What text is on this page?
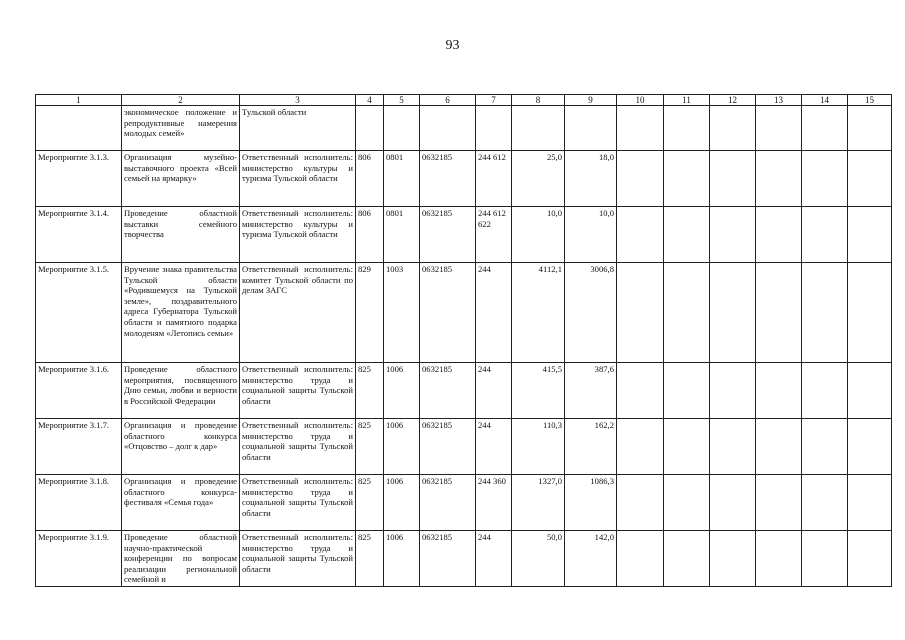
93
1	2	3	4	5	6	7	8	9	10	11	12	13	14	15
	экономическое положение и репродуктивные намерения молодых семей»	Тульской области												
Мероприятие 3.1.3.	Организация музейно-выставочного проекта «Всей семьей на ярмарку»	Ответственный исполнитель: министерство культуры и туризма Тульской области	806	0801	0632185	244 612	25,0	18,0						
Мероприятие 3.1.4.	Проведение областной выставки семейного творчества	Ответственный исполнитель: министерство культуры и туризма Тульской области	806	0801	0632185	244 612 622	10,0	10,0						
Мероприятие 3.1.5.	Вручение знака правительства Тульской области «Родившемуся на Тульской земле», поздравительного адреса Губернатора Тульской области и памятного подарка молоденям «Летопись семьи»	Ответственный исполнитель: комитет Тульской области по делам ЗАГС	829	1003	0632185	244	4112,1	3006,8						
Мероприятие 3.1.6.	Проведение областного мероприятия, посвященного Дню семьи, любви и верности в Российской Федерации	Ответственный исполнитель: министерство труда и социальной защиты Тульской области	825	1006	0632185	244	415,5	387,6						
Мероприятие 3.1.7.	Организация и проведение областного конкурса «Отцовство – долг к дар»	Ответственный исполнитель: министерство труда и социальной защиты Тульской области	825	1006	0632185	244	110,3	162,2						
Мероприятие 3.1.8.	Организация и проведение областного конкурса-фестиваля «Семья года»	Ответственный исполнитель: министерство труда и социальной защиты Тульской области	825	1006	0632185	244 360	1327,0	1086,3						
Мероприятие 3.1.9.	Проведение областной научно-практической конференции по вопросам реализации региональной семейной и	Ответственный исполнитель: министерство труда и социальной защиты Тульской области	825	1006	0632185	244	50,0	142,0						
